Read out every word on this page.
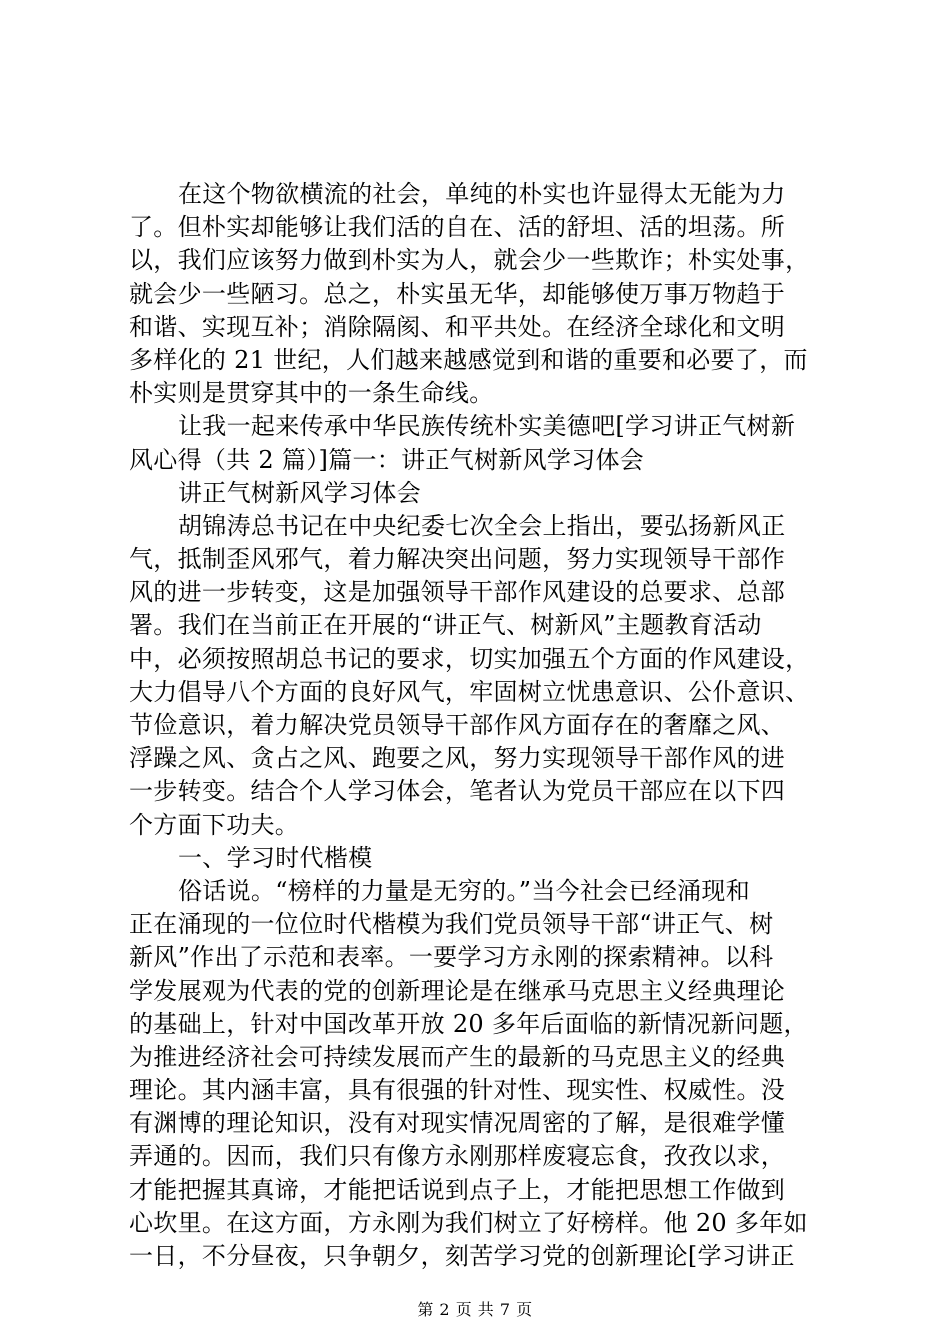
在这个物欲横流的社会，单纯的朴实也许显得太无能为力
了。但朴实却能够让我们活的自在、活的舒坦、活的坦荡。所
以，我们应该努力做到朴实为人，就会少一些欺诈；朴实处事，
就会少一些陋习。总之，朴实虽无华，却能够使万事万物趋于
和谐、实现互补；消除隔阂、和平共处。在经济全球化和文明
多样化的 21 世纪，人们越来越感觉到和谐的重要和必要了，而
朴实则是贯穿其中的一条生命线。
让我一起来传承中华民族传统朴实美德吧[学习讲正气树新
风心得（共 2 篇）]篇一：讲正气树新风学习体会
讲正气树新风学习体会
胡锦涛总书记在中央纪委七次全会上指出，要弘扬新风正
气，抵制歪风邪气，着力解决突出问题，努力实现领导干部作
风的进一步转变，这是加强领导干部作风建设的总要求、总部
署。我们在当前正在开展的“讲正气、树新风”主题教育活动
中，必须按照胡总书记的要求，切实加强五个方面的作风建设，
大力倡导八个方面的良好风气，牢固树立忧患意识、公仆意识、
节俭意识，着力解决党员领导干部作风方面存在的奢靡之风、
浮躁之风、贪占之风、跑要之风，努力实现领导干部作风的进
一步转变。结合个人学习体会，笔者认为党员干部应在以下四
个方面下功夫。
一、学习时代楷模
俗话说。“榜样的力量是无穷的。”当今社会已经涌现和
正在涌现的一位位时代楷模为我们党员领导干部“讲正气、树
新风”作出了示范和表率。一要学习方永刚的探索精神。以科
学发展观为代表的党的创新理论是在继承马克思主义经典理论
的基础上，针对中国改革开放 20 多年后面临的新情况新问题，
为推进经济社会可持续发展而产生的最新的马克思主义的经典
理论。其内涵丰富，具有很强的针对性、现实性、权威性。没
有渊博的理论知识，没有对现实情况周密的了解，是很难学懂
弄通的。因而，我们只有像方永刚那样废寝忘食，孜孜以求，
才能把握其真谛，才能把话说到点子上，才能把思想工作做到
心坎里。在这方面，方永刚为我们树立了好榜样。他 20 多年如
一日，不分昼夜，只争朝夕，刻苦学习党的创新理论[学习讲正
第 2 页 共 7 页
